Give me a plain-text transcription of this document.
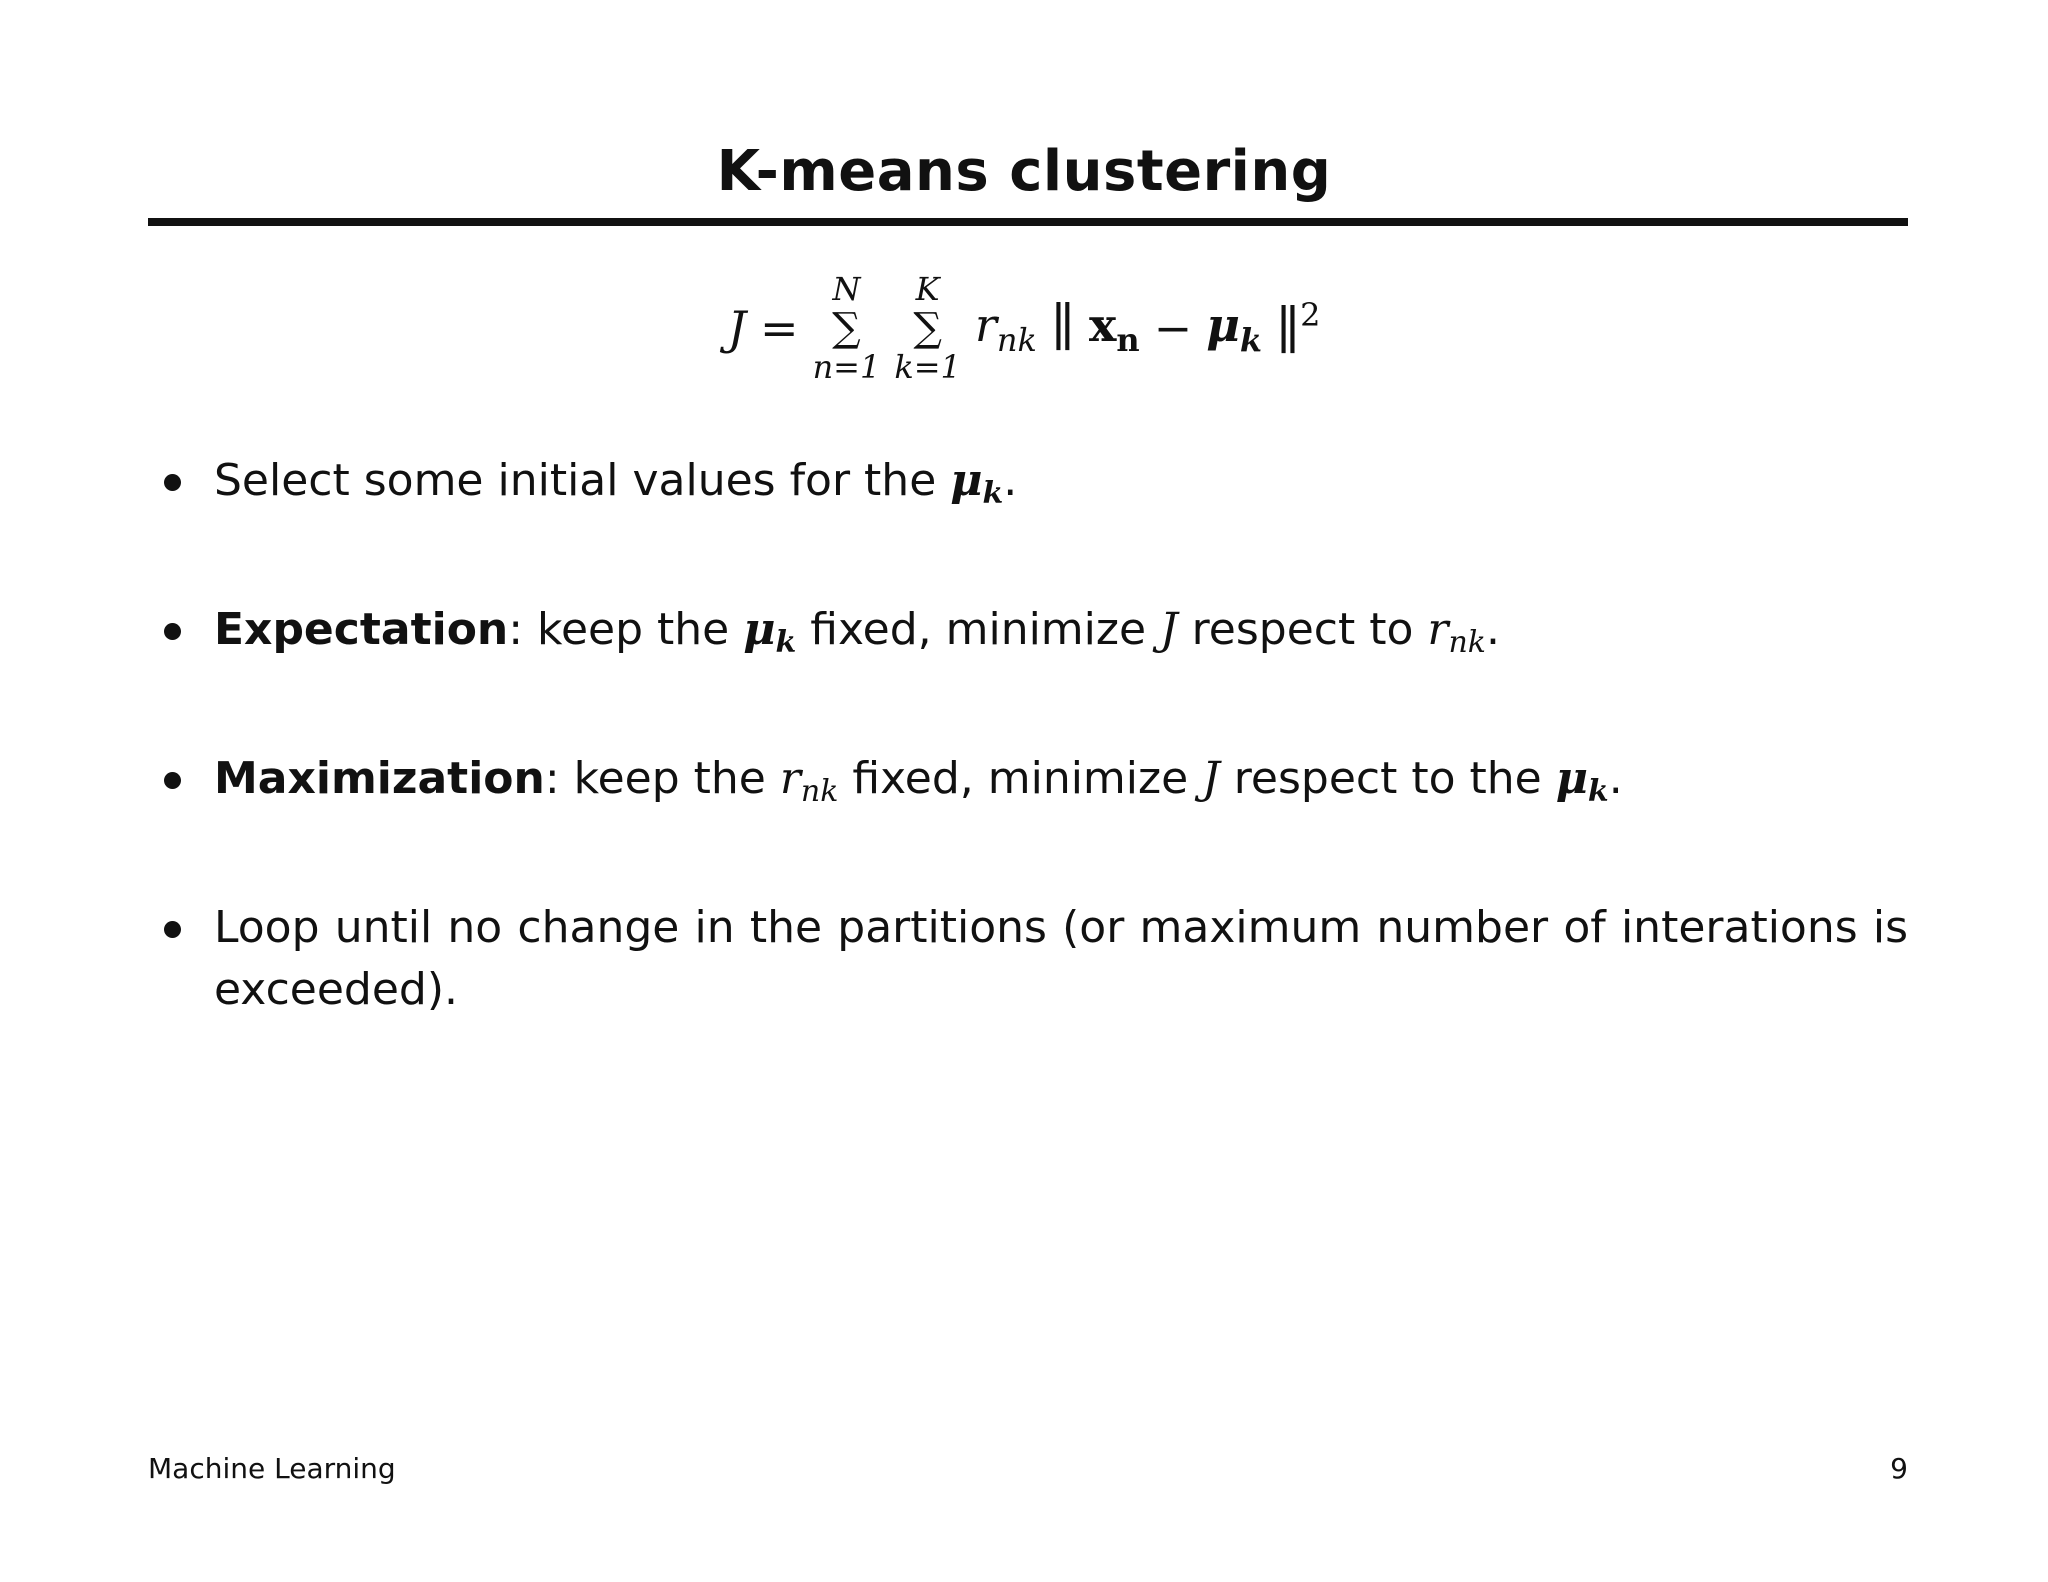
K-means clustering
J =
N
∑
n=1
K
∑
k=1
$r_{nk}$ ∥ $x_n - \mu_k$ ∥$^2$
Select some initial values for the μk.
Expectation: keep the μk fixed, minimize J respect to rnk.
Maximization: keep the rnk fixed, minimize J respect to the μk.
Loop until no change in the partitions (or maximum number of interations is exceeded).
Machine Learning	9
